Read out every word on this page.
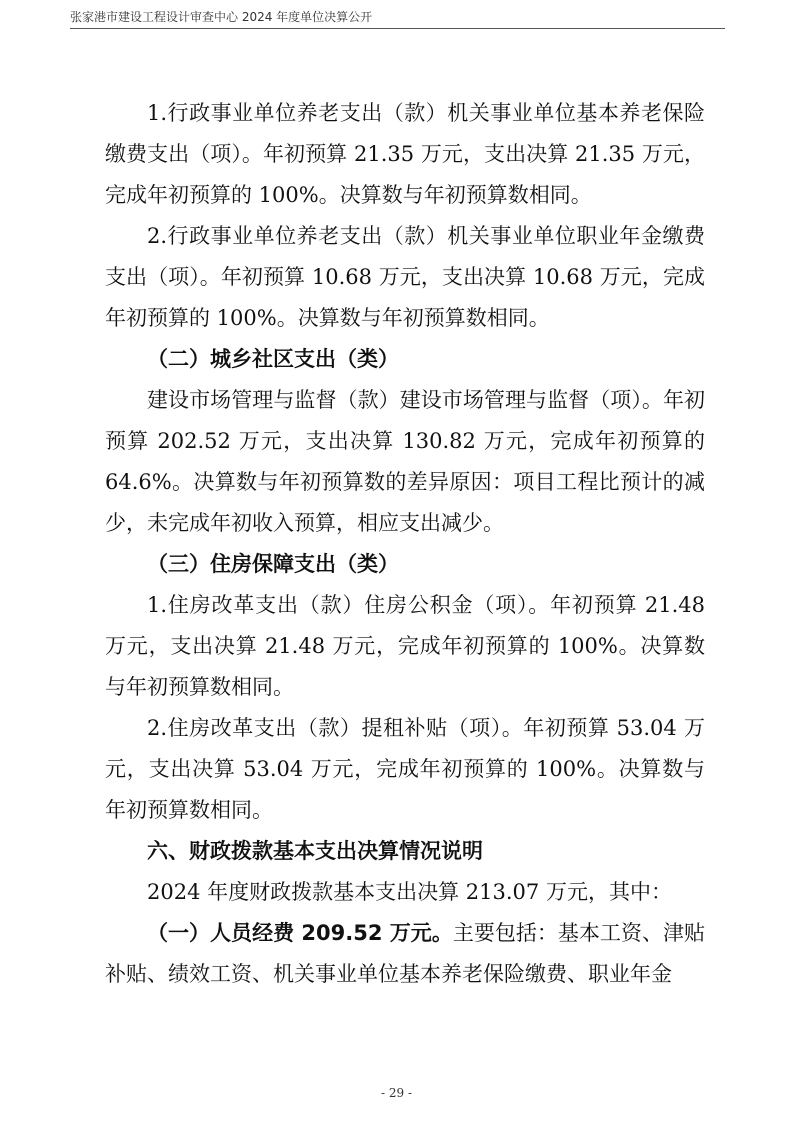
张家港市建设工程设计审查中心 2024 年度单位决算公开

1.行政事业单位养老支出（款）机关事业单位基本养老保险缴费支出（项）。年初预算 21.35 万元，支出决算 21.35 万元，完成年初预算的 100%。决算数与年初预算数相同。

2.行政事业单位养老支出（款）机关事业单位职业年金缴费支出（项）。年初预算 10.68 万元，支出决算 10.68 万元，完成年初预算的 100%。决算数与年初预算数相同。

（二）城乡社区支出（类）

建设市场管理与监督（款）建设市场管理与监督（项）。年初预算 202.52 万元，支出决算 130.82 万元，完成年初预算的 64.6%。决算数与年初预算数的差异原因：项目工程比预计的减少，未完成年初收入预算，相应支出减少。

（三）住房保障支出（类）

1.住房改革支出（款）住房公积金（项）。年初预算 21.48 万元，支出决算 21.48 万元，完成年初预算的 100%。决算数与年初预算数相同。

2.住房改革支出（款）提租补贴（项）。年初预算 53.04 万元，支出决算 53.04 万元，完成年初预算的 100%。决算数与年初预算数相同。

六、财政拨款基本支出决算情况说明

2024 年度财政拨款基本支出决算 213.07 万元，其中：

（一）人员经费 209.52 万元。主要包括：基本工资、津贴补贴、绩效工资、机关事业单位基本养老保险缴费、职业年金

- 29 -
